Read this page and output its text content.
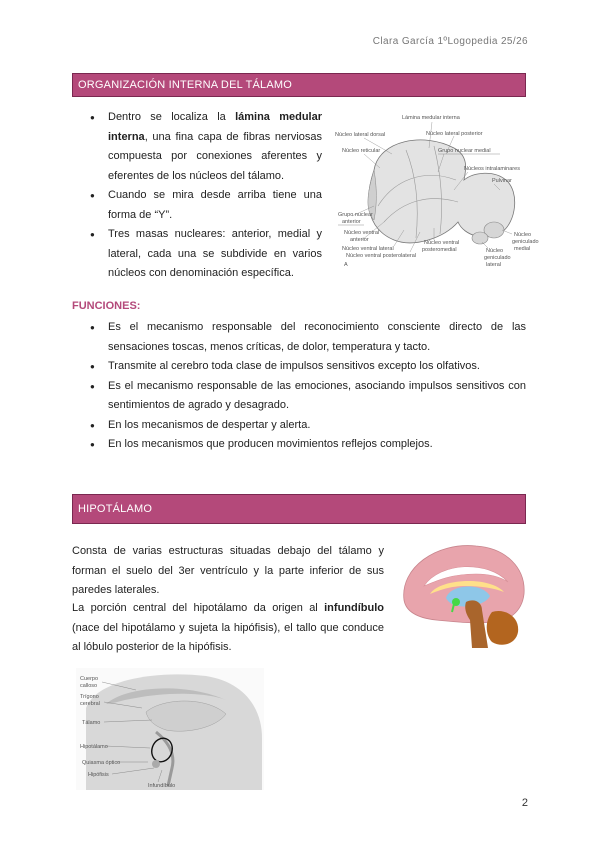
Clara García 1ºLogopedia 25/26
ORGANIZACIÓN INTERNA DEL TÁLAMO
● Dentro se localiza la lámina medular interna, una fina capa de fibras nerviosas compuesta por conexiones aferentes y eferentes de los núcleos del tálamo.
● Cuando se mira desde arriba tiene una forma de “Y”.
● Tres masas nucleares: anterior, medial y lateral, cada una se subdivide en varios núcleos con denominación específica.
Lámina medular interna
Núcleo lateral dorsal	Núcleo lateral posterior
Núcleo reticular	Grupo nuclear medial
Núcleos intralaminares
Pulvinar
Grupo nuclear
anterior
Núcleo ventral
anterior
Núcleo ventral lateral
Núcleo ventral posterolateral
Núcleo ventral
posteromedial
Núcleo
geniculado
medial
Núcleo
geniculado
lateral
A
FUNCIONES:
● Es el mecanismo responsable del reconocimiento consciente directo de las sensaciones toscas, menos críticas, de dolor, temperatura y tacto.
● Transmite al cerebro toda clase de impulsos sensitivos excepto los olfativos.
● Es el mecanismo responsable de las emociones, asociando impulsos sensitivos con sentimientos de agrado y desagrado.
● En los mecanismos de despertar y alerta.
● En los mecanismos que producen movimientos reflejos complejos.
HIPOTÁLAMO

Consta de varias estructuras situadas debajo del tálamo y forman el suelo del 3er ventrículo y la parte inferior de sus paredes laterales.

La porción central del hipotálamo da origen al infundíbulo (nace del hipotálamo y sujeta la hipófisis), el tallo que conduce al lóbulo posterior de la hipófisis.

Cuerpo
calloso
Trígono
cerebral
Tálamo
Hipotálamo
Quiasma óptico
Hipófisis
Infundíbulo
2
